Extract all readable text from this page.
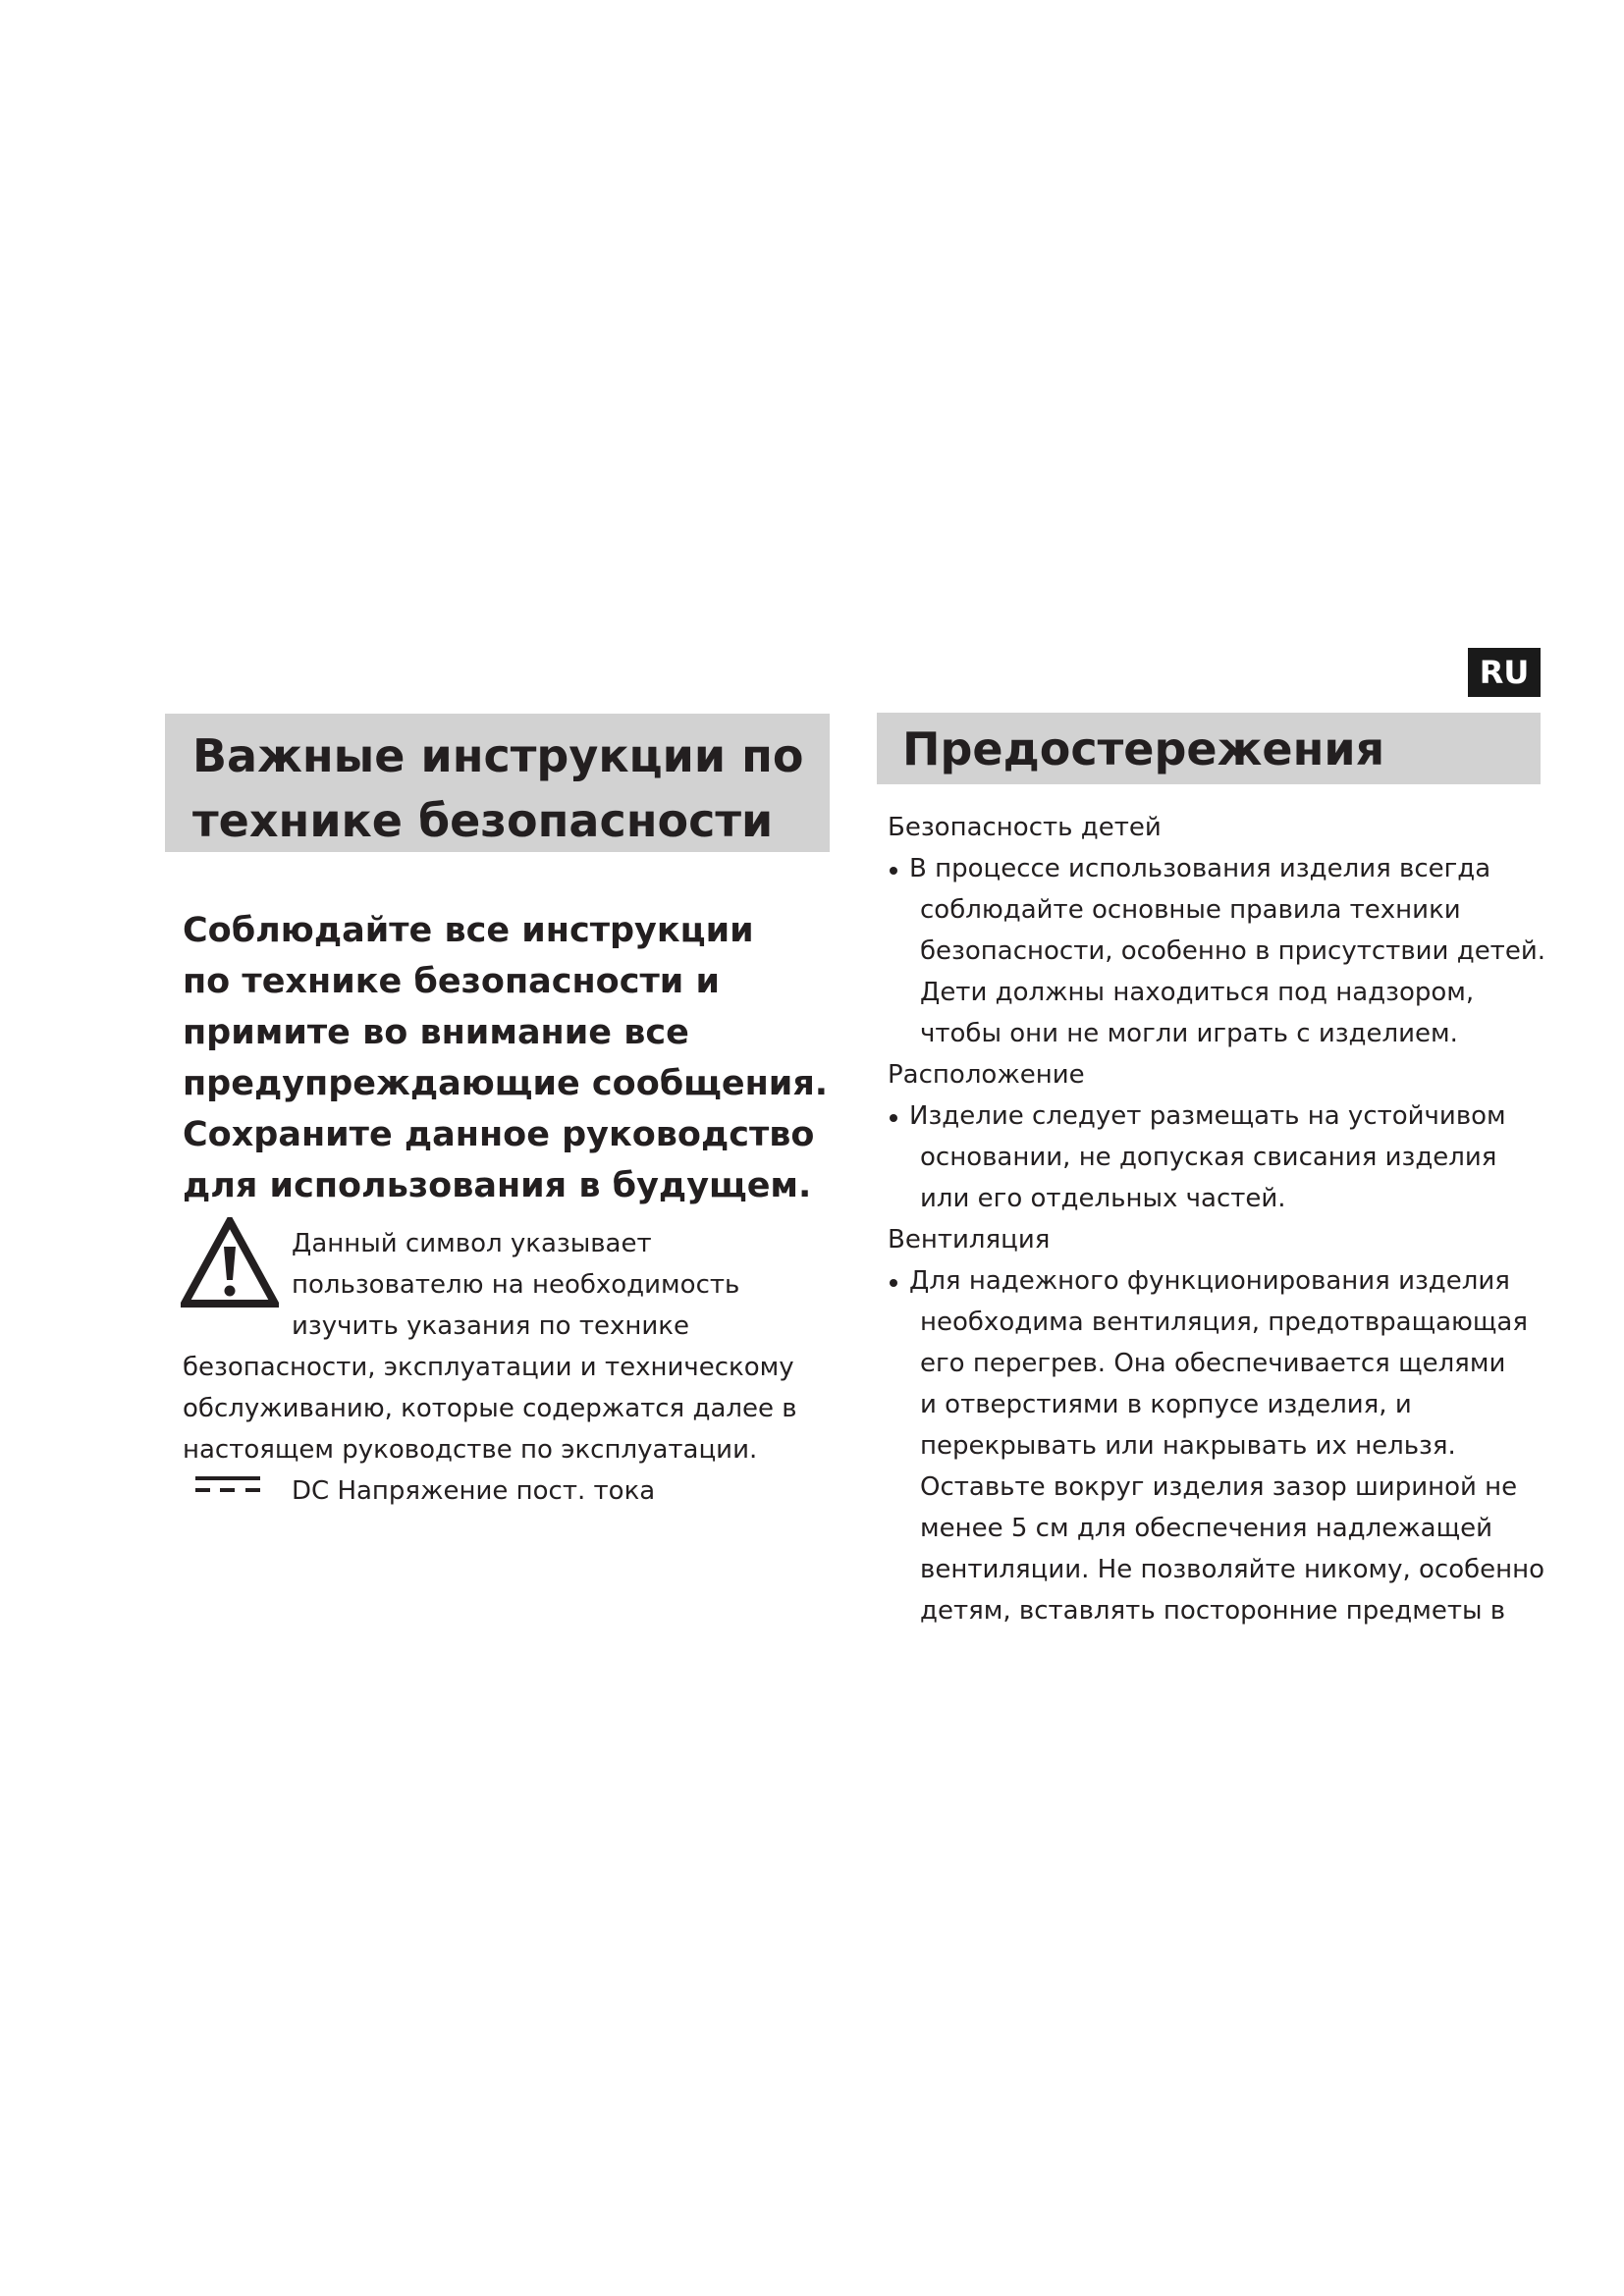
RU
Важные инструкции по
технике безопасности
Соблюдайте все инструкции
по технике безопасности и
примите во внимание все
предупреждающие сообщения.
Сохраните данное руководство
для использования в будущем.
Данный символ указывает
пользователю на необходимость
изучить указания по технике
безопасности, эксплуатации и техническому
обслуживанию, которые содержатся далее в
настоящем руководстве по эксплуатации.
DC Напряжение пост. тока
Предостережения
Безопасность детей
В процессе использования изделия всегда
соблюдайте основные правила техники
безопасности, особенно в присутствии детей.
Дети должны находиться под надзором,
чтобы они не могли играть с изделием.
Расположение
Изделие следует размещать на устойчивом
основании, не допуская свисания изделия
или его отдельных частей.
Вентиляция
Для надежного функционирования изделия
необходима вентиляция, предотвращающая
его перегрев. Она обеспечивается щелями
и отверстиями в корпусе изделия, и
перекрывать или накрывать их нельзя.
Оставьте вокруг изделия зазор шириной не
менее 5 см для обеспечения надлежащей
вентиляции. Не позволяйте никому, особенно
детям, вставлять посторонние предметы в
